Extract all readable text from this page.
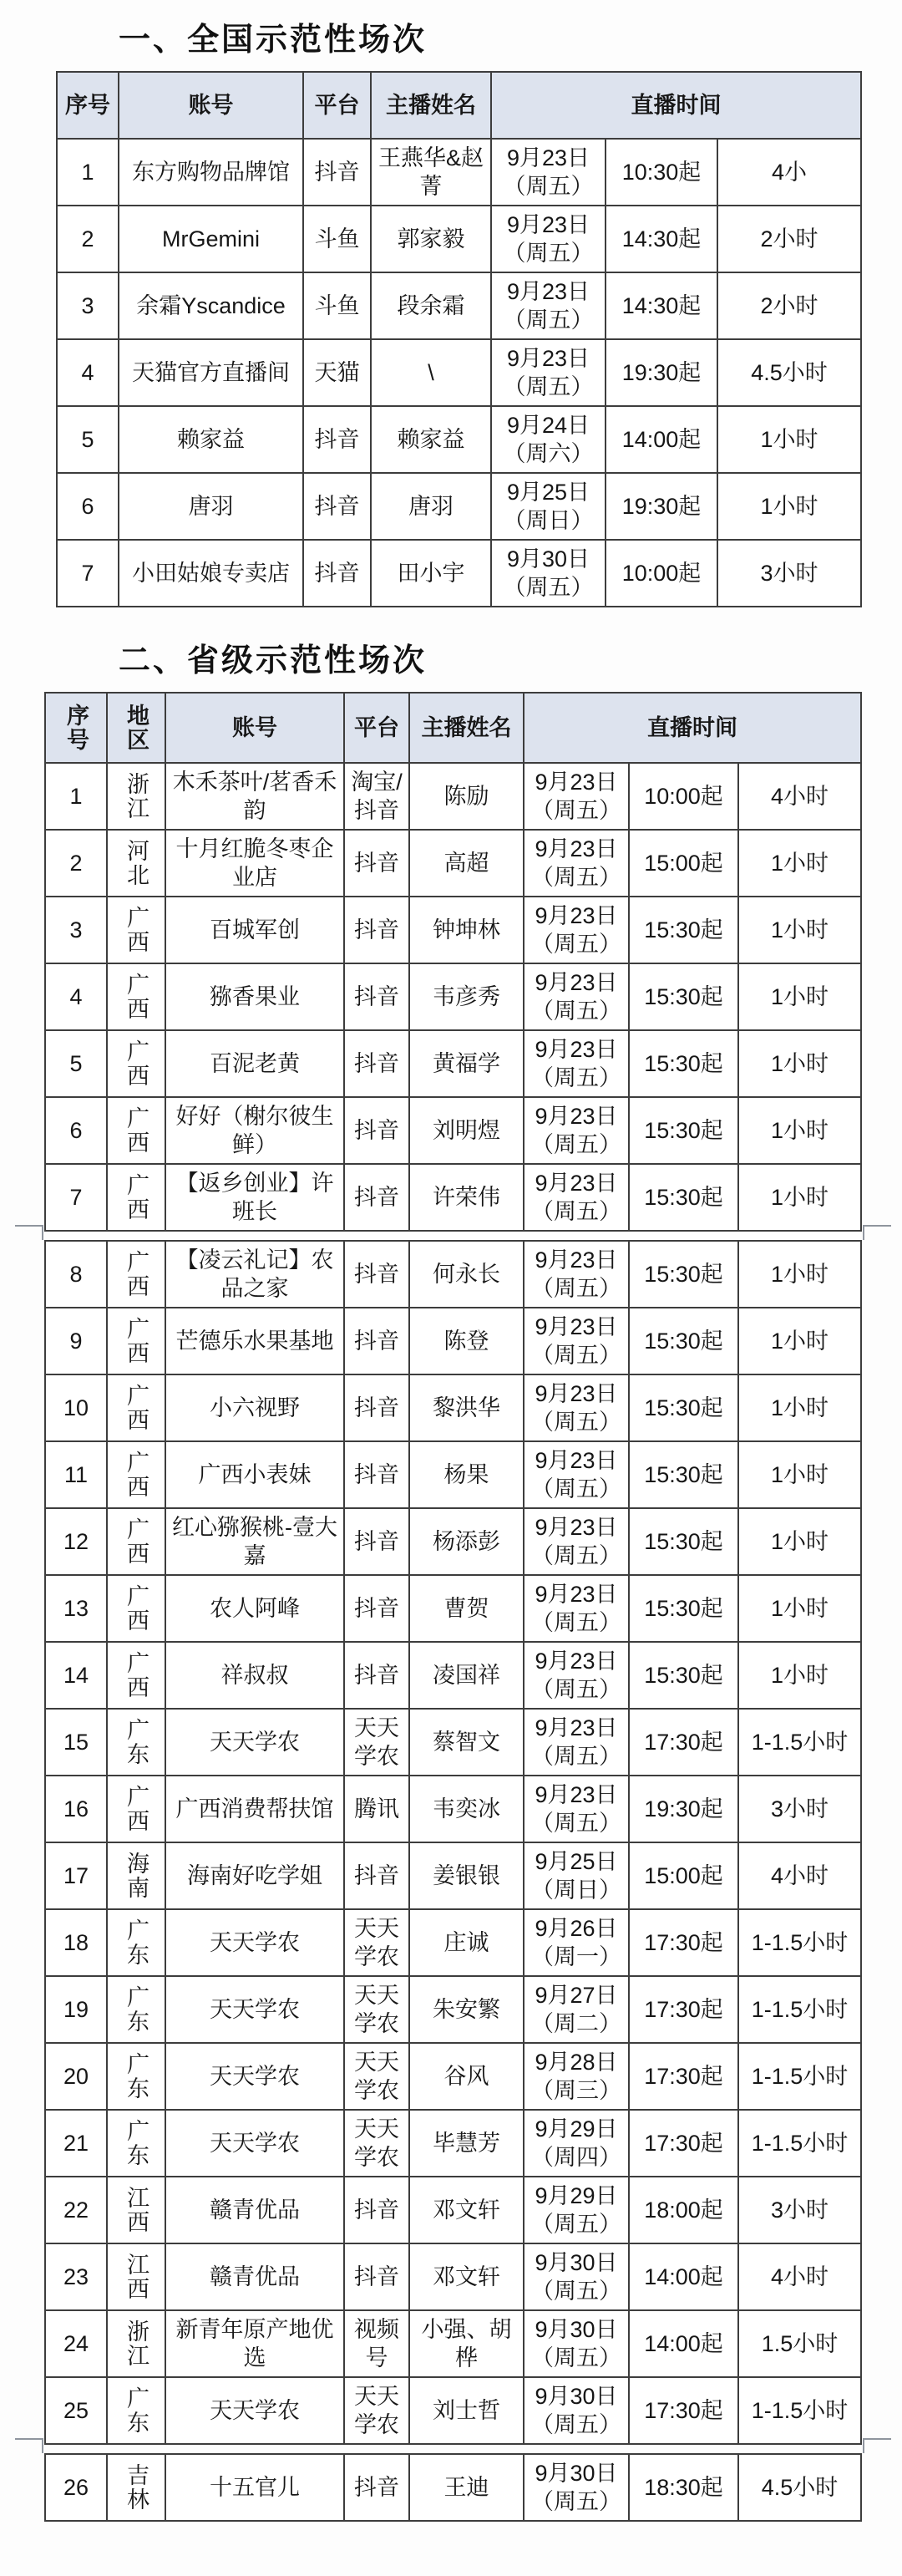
一、全国示范性场次
序号	账号	平台	主播姓名	直播时间		
1	东方购物品牌馆	抖音	王燕华&赵菁	9月23日
（周五）	10:30起	4小
2	MrGemini	斗鱼	郭家毅	9月23日
（周五）	14:30起	2小时
3	余霜Yscandice	斗鱼	段余霜	9月23日
（周五）	14:30起	2小时
4	天猫官方直播间	天猫	\	9月23日
（周五）	19:30起	4.5小时
5	赖家益	抖音	赖家益	9月24日
（周六）	14:00起	1小时
6	唐羽	抖音	唐羽	9月25日
（周日）	19:30起	1小时
7	小田姑娘专卖店	抖音	田小宇	9月30日
（周五）	10:00起	3小时
二、省级示范性场次
序号	地区	账号	平台	主播姓名	直播时间		
1	浙江	木禾茶叶/茗香禾韵	淘宝/抖音	陈励	9月23日
（周五）	10:00起	4小时
2	河北	十月红脆冬枣企业店	抖音	高超	9月23日
（周五）	15:00起	1小时
3	广西	百城军创	抖音	钟坤林	9月23日
（周五）	15:30起	1小时
4	广西	猕香果业	抖音	韦彦秀	9月23日
（周五）	15:30起	1小时
5	广西	百泥老黄	抖音	黄福学	9月23日
（周五）	15:30起	1小时
6	广西	好好（榭尔彼生鲜）	抖音	刘明煜	9月23日
（周五）	15:30起	1小时
7	广西	【返乡创业】许班长	抖音	许荣伟	9月23日
（周五）	15:30起	1小时

8	广西	【凌云礼记】农品之家	抖音	何永长	9月23日
（周五）	15:30起	1小时
9	广西	芒德乐水果基地	抖音	陈登	9月23日
（周五）	15:30起	1小时
10	广西	小六视野	抖音	黎洪华	9月23日
（周五）	15:30起	1小时
11	广西	广西小表妹	抖音	杨果	9月23日
（周五）	15:30起	1小时
12	广西	红心猕猴桃-壹大嘉	抖音	杨添彭	9月23日
（周五）	15:30起	1小时
13	广西	农人阿峰	抖音	曹贺	9月23日
（周五）	15:30起	1小时
14	广西	祥叔叔	抖音	凌国祥	9月23日
（周五）	15:30起	1小时
15	广东	天天学农	天天学农	蔡智文	9月23日
（周五）	17:30起	1-1.5小时
16	广西	广西消费帮扶馆	腾讯	韦奕冰	9月23日
（周五）	19:30起	3小时
17	海南	海南好吃学姐	抖音	姜银银	9月25日
（周日）	15:00起	4小时
18	广东	天天学农	天天学农	庄诚	9月26日
（周一）	17:30起	1-1.5小时
19	广东	天天学农	天天学农	朱安繁	9月27日
（周二）	17:30起	1-1.5小时
20	广东	天天学农	天天学农	谷风	9月28日
（周三）	17:30起	1-1.5小时
21	广东	天天学农	天天学农	毕慧芳	9月29日
（周四）	17:30起	1-1.5小时
22	江西	赣青优品	抖音	邓文轩	9月29日
（周五）	18:00起	3小时
23	江西	赣青优品	抖音	邓文轩	9月30日
（周五）	14:00起	4小时
24	浙江	新青年原产地优选	视频号	小强、胡桦	9月30日
（周五）	14:00起	1.5小时
25	广东	天天学农	天天学农	刘士哲	9月30日
（周五）	17:30起	1-1.5小时

26	吉林	十五官儿	抖音	王迪	9月30日
（周五）	18:30起	4.5小时
